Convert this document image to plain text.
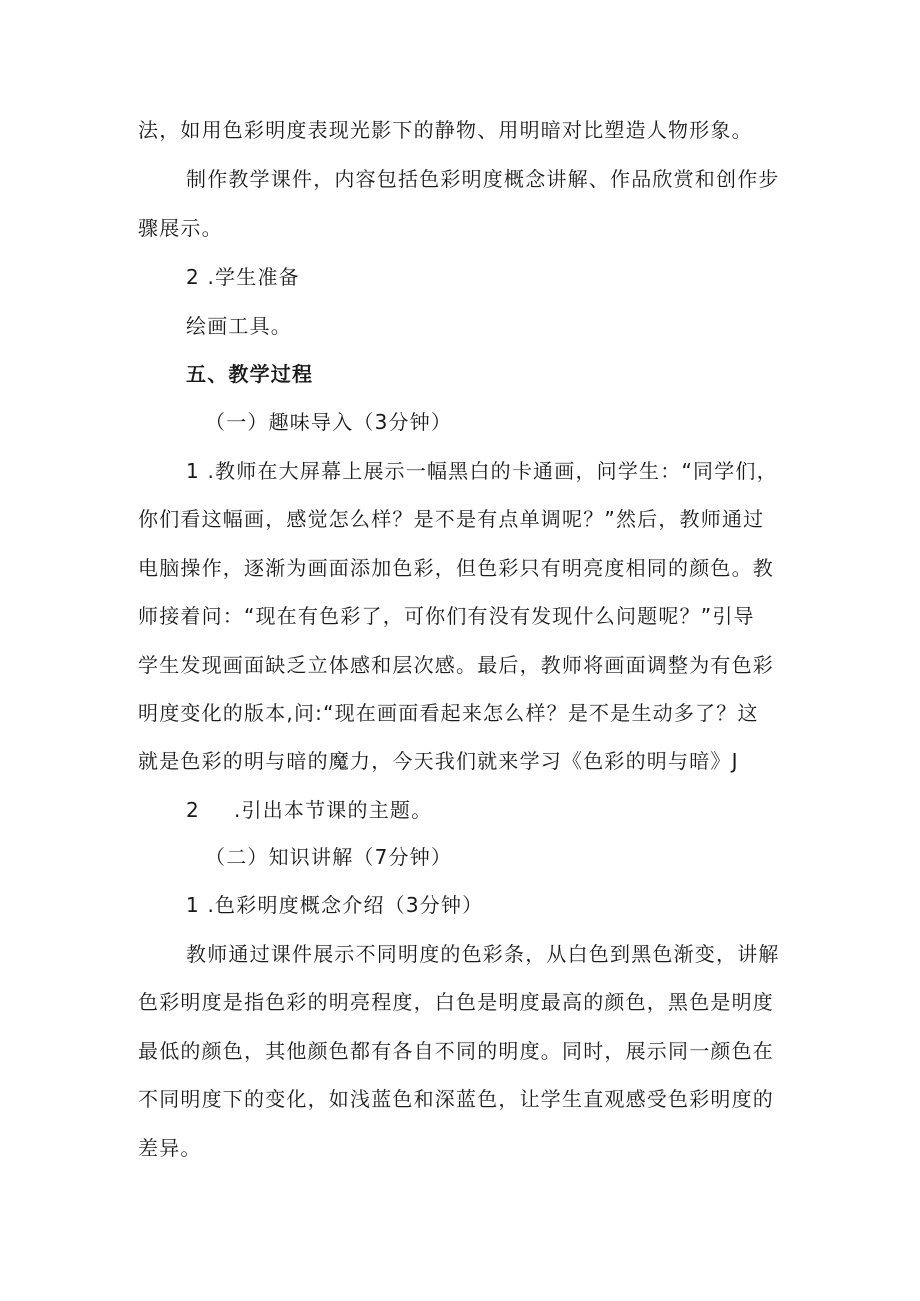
法，如用色彩明度表现光影下的静物、用明暗对比塑造人物形象。
制作教学课件，内容包括色彩明度概念讲解、作品欣赏和创作步
骤展示。
2 .学生准备
绘画工具。
五、教学过程
（一）趣味导入（3分钟）
1 .教师在大屏幕上展示一幅黑白的卡通画，问学生：“同学们，
你们看这幅画，感觉怎么样？是不是有点单调呢？”然后，教师通过
电脑操作，逐渐为画面添加色彩，但色彩只有明亮度相同的颜色。教
师接着问：“现在有色彩了，可你们有没有发现什么问题呢？”引导
学生发现画面缺乏立体感和层次感。最后，教师将画面调整为有色彩
明度变化的版本,问:“现在画面看起来怎么样？是不是生动多了？这
就是色彩的明与暗的魔力，今天我们就来学习《色彩的明与暗》J
2 .引出本节课的主题。
（二）知识讲解（7分钟）
1 .色彩明度概念介绍（3分钟）
教师通过课件展示不同明度的色彩条，从白色到黑色渐变，讲解
色彩明度是指色彩的明亮程度，白色是明度最高的颜色，黑色是明度
最低的颜色，其他颜色都有各自不同的明度。同时，展示同一颜色在
不同明度下的变化，如浅蓝色和深蓝色，让学生直观感受色彩明度的
差异。
